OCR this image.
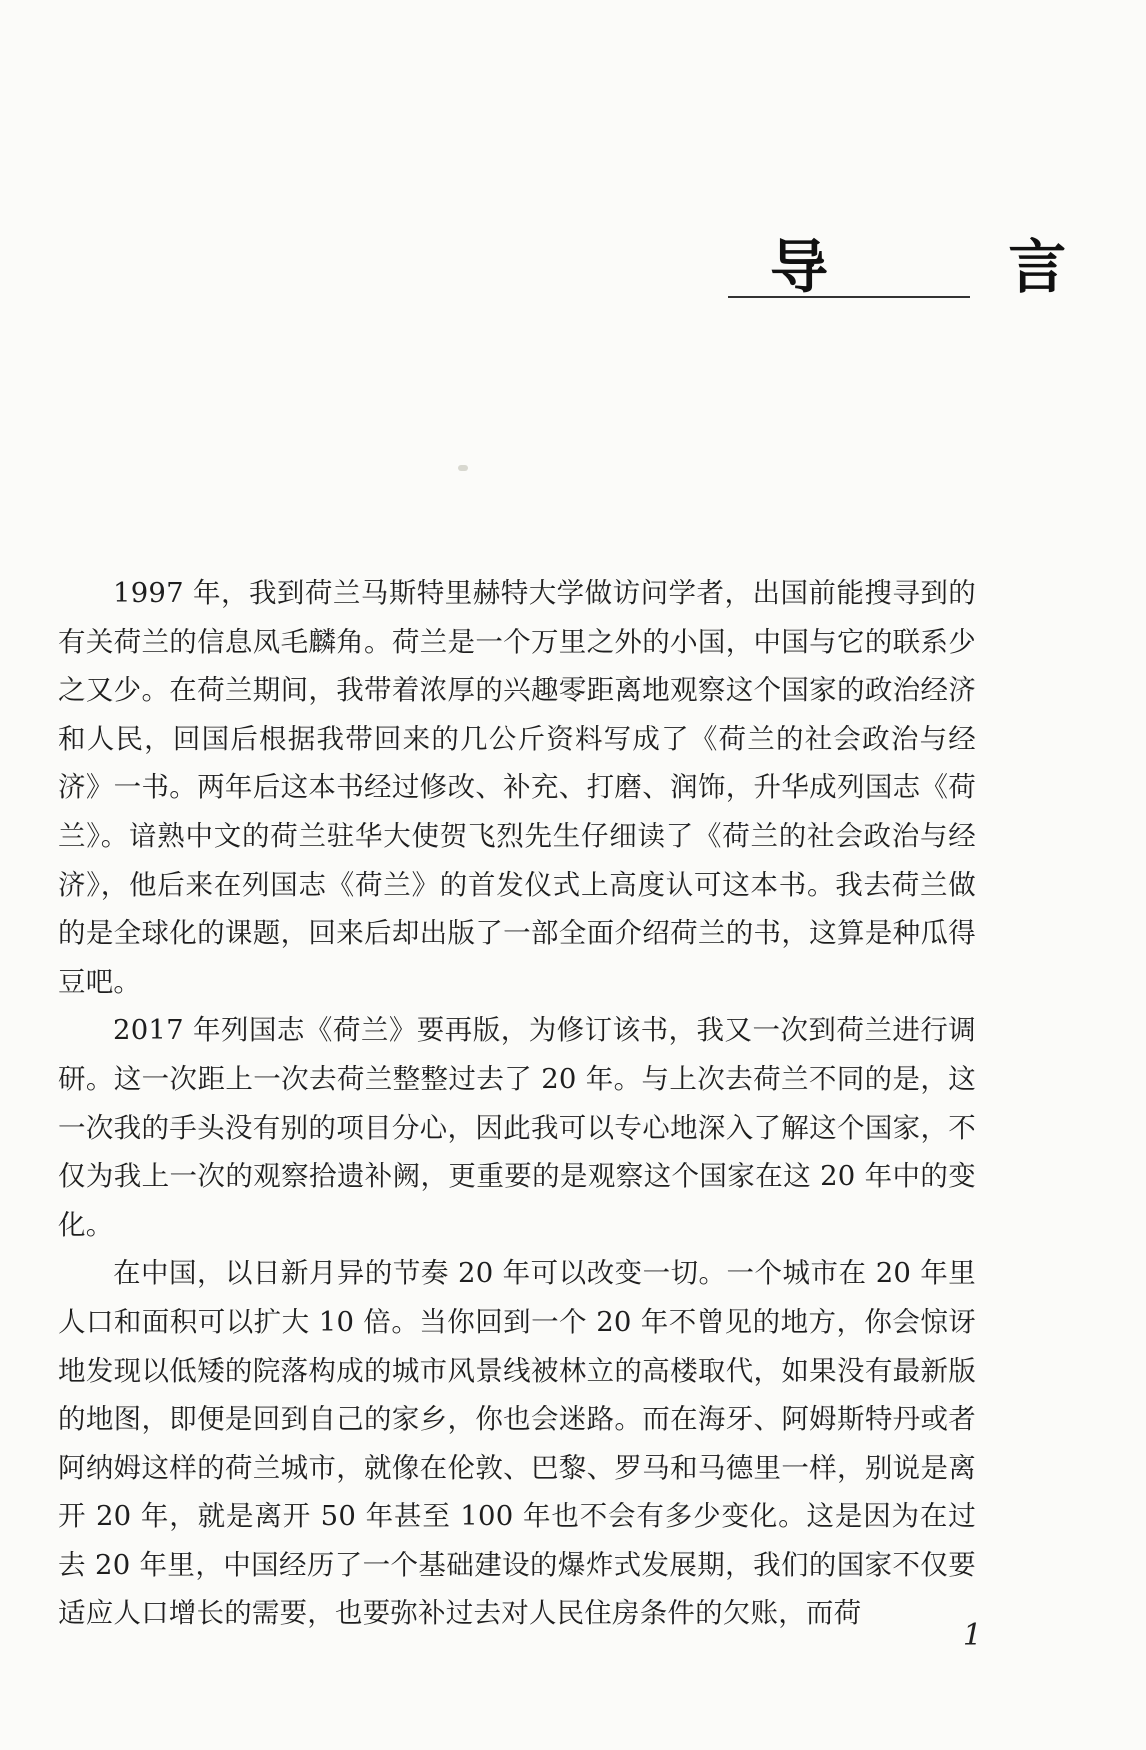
导 言

1997 年，我到荷兰马斯特里赫特大学做访问学者，出国前能搜寻到的有关荷兰的信息凤毛麟角。荷兰是一个万里之外的小国，中国与它的联系少之又少。在荷兰期间，我带着浓厚的兴趣零距离地观察这个国家的政治经济和人民，回国后根据我带回来的几公斤资料写成了《荷兰的社会政治与经济》一书。两年后这本书经过修改、补充、打磨、润饰，升华成列国志《荷兰》。谙熟中文的荷兰驻华大使贺飞烈先生仔细读了《荷兰的社会政治与经济》，他后来在列国志《荷兰》的首发仪式上高度认可这本书。我去荷兰做的是全球化的课题，回来后却出版了一部全面介绍荷兰的书，这算是种瓜得豆吧。

2017 年列国志《荷兰》要再版，为修订该书，我又一次到荷兰进行调研。这一次距上一次去荷兰整整过去了 20 年。与上次去荷兰不同的是，这一次我的手头没有别的项目分心，因此我可以专心地深入了解这个国家，不仅为我上一次的观察拾遗补阙，更重要的是观察这个国家在这 20 年中的变化。

在中国，以日新月异的节奏 20 年可以改变一切。一个城市在 20 年里人口和面积可以扩大 10 倍。当你回到一个 20 年不曾见的地方，你会惊讶地发现以低矮的院落构成的城市风景线被林立的高楼取代，如果没有最新版的地图，即便是回到自己的家乡，你也会迷路。而在海牙、阿姆斯特丹或者阿纳姆这样的荷兰城市，就像在伦敦、巴黎、罗马和马德里一样，别说是离开 20 年，就是离开 50 年甚至 100 年也不会有多少变化。这是因为在过去 20 年里，中国经历了一个基础建设的爆炸式发展期，我们的国家不仅要适应人口增长的需要，也要弥补过去对人民住房条件的欠账，而荷

1
